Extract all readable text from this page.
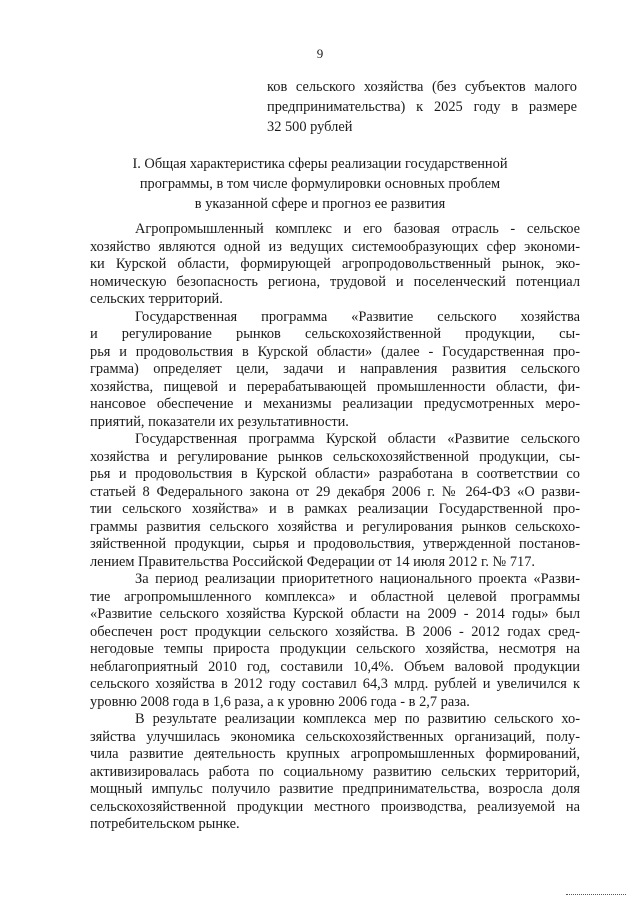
9
ков сельского хозяйства (без субъектов малого
предпринимательства) к 2025 году в размере
32 500 рублей
I. Общая характеристика сферы реализации государственной
программы, в том числе формулировки основных проблем
в указанной сфере и прогноз ее развития
Агропромышленный комплекс и его базовая отрасль - сельское
хозяйство являются одной из ведущих системообразующих сфер экономи-
ки Курской области, формирующей агропродовольственный рынок, эко-
номическую безопасность региона, трудовой и поселенческий потенциал
сельских территорий.
Государственная программа «Развитие сельского хозяйства
и регулирование рынков сельскохозяйственной продукции, сы-
рья и продовольствия в Курской области» (далее - Государственная про-
грамма) определяет цели, задачи и направления развития сельского
хозяйства, пищевой и перерабатывающей промышленности области, фи-
нансовое обеспечение и механизмы реализации предусмотренных меро-
приятий, показатели их результативности.
Государственная программа Курской области «Развитие сельского
хозяйства и регулирование рынков сельскохозяйственной продукции, сы-
рья и продовольствия в Курской области» разработана в соответствии со
статьей 8 Федерального закона от 29 декабря 2006 г. № 264-ФЗ «О разви-
тии сельского хозяйства» и в рамках реализации Государственной про-
граммы развития сельского хозяйства и регулирования рынков сельскохо-
зяйственной продукции, сырья и продовольствия, утвержденной постанов-
лением Правительства Российской Федерации от 14 июля 2012 г. № 717.
За период реализации приоритетного национального проекта «Разви-
тие агропромышленного комплекса» и областной целевой программы
«Развитие сельского хозяйства Курской области на 2009 - 2014 годы» был
обеспечен рост продукции сельского хозяйства. В 2006 - 2012 годах сред-
негодовые темпы прироста продукции сельского хозяйства, несмотря на
неблагоприятный 2010 год, составили 10,4%. Объем валовой продукции
сельского хозяйства в 2012 году составил 64,3 млрд. рублей и увеличился к
уровню 2008 года в 1,6 раза, а к уровню 2006 года - в 2,7 раза.
В результате реализации комплекса мер по развитию сельского хо-
зяйства улучшилась экономика сельскохозяйственных организаций, полу-
чила развитие деятельность крупных агропромышленных формирований,
активизировалась работа по социальному развитию сельских территорий,
мощный импульс получило развитие предпринимательства, возросла доля
сельскохозяйственной продукции местного производства, реализуемой на
потребительском рынке.
